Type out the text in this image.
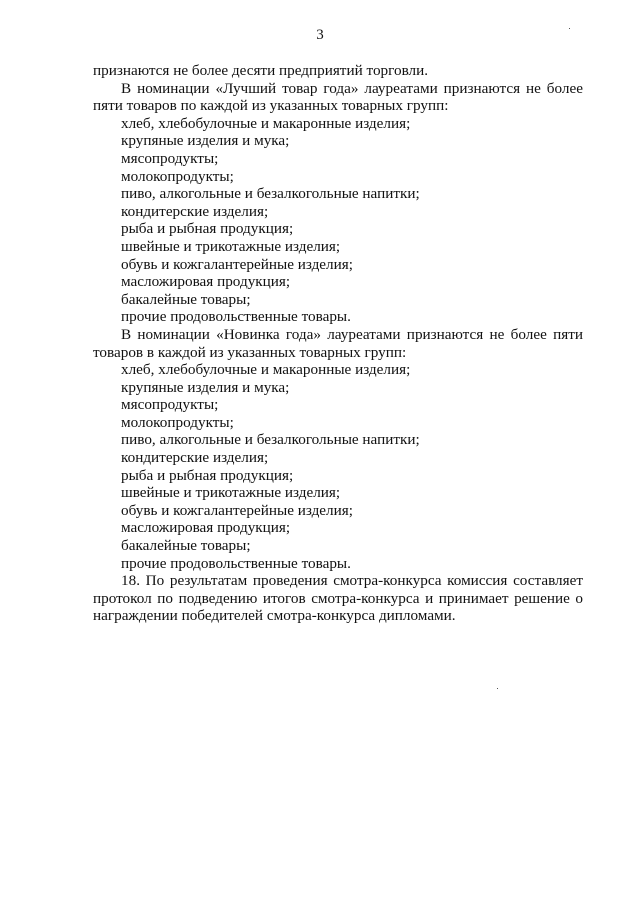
3
признаются не более десяти предприятий торговли.
В номинации «Лучший товар года» лауреатами признаются не более
пяти товаров по каждой из указанных товарных групп:
хлеб, хлебобулочные и макаронные изделия;
крупяные изделия и мука;
мясопродукты;
молокопродукты;
пиво, алкогольные и безалкогольные напитки;
кондитерские изделия;
рыба и рыбная продукция;
швейные и трикотажные изделия;
обувь и кожгалантерейные изделия;
масложировая продукция;
бакалейные товары;
прочие продовольственные товары.
В номинации «Новинка года» лауреатами признаются не более пяти
товаров в каждой из указанных товарных групп:
хлеб, хлебобулочные и макаронные изделия;
крупяные изделия и мука;
мясопродукты;
молокопродукты;
пиво, алкогольные и безалкогольные напитки;
кондитерские изделия;
рыба и рыбная продукция;
швейные и трикотажные изделия;
обувь и кожгалантерейные изделия;
масложировая продукция;
бакалейные товары;
прочие продовольственные товары.
18. По результатам проведения смотра-конкурса комиссия составляет
протокол по подведению итогов смотра-конкурса и принимает решение о
награждении победителей смотра-конкурса дипломами.
